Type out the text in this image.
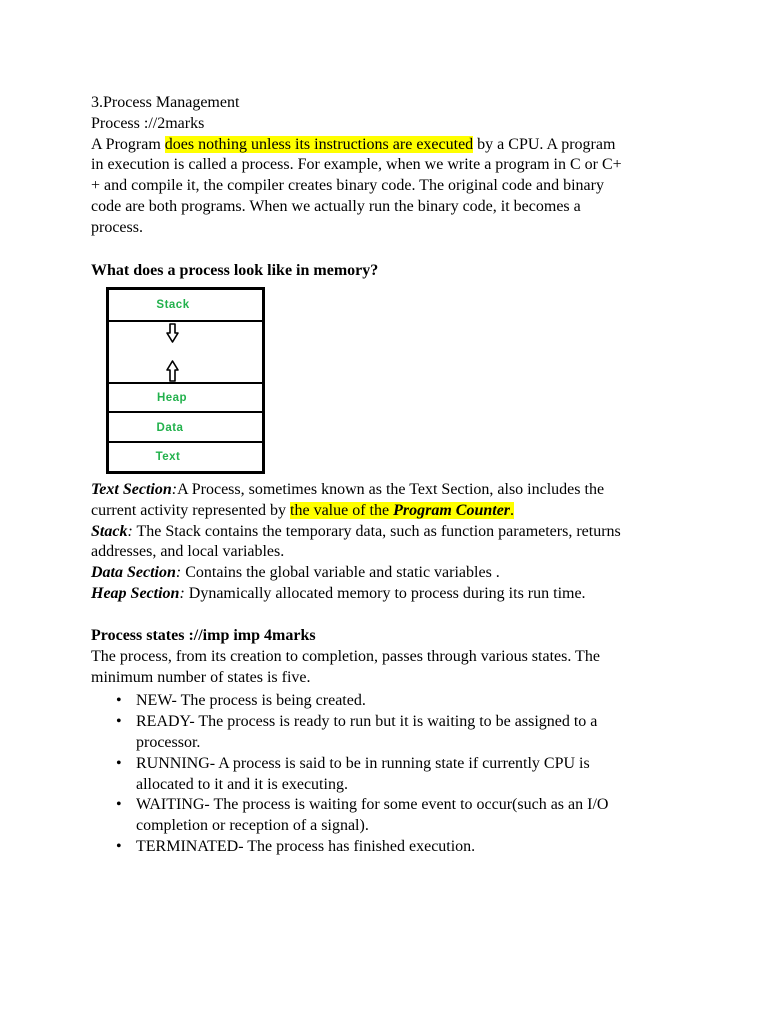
3.Process Management

Process ://2marks

A Program does nothing unless its instructions are executed by a CPU. A program

in execution is called a process. For example, when we write a program in C or C+

+ and compile it, the compiler creates binary code. The original code and binary

code are both programs. When we actually run the binary code, it becomes a

process.

What does a process look like in memory?
Stack
Heap
Data
Text

Text Section:A Process, sometimes known as the Text Section, also includes the

current activity represented by the value of the Program Counter.

Stack: The Stack contains the temporary data, such as function parameters, returns

addresses, and local variables.

Data Section: Contains the global variable and static variables .

Heap Section: Dynamically allocated memory to process during its run time.

Process states ://imp imp 4marks

The process, from its creation to completion, passes through various states. The

minimum number of states is five.

• NEW- The process is being created.
• READY- The process is ready to run but it is waiting to be assigned to a
processor.
• RUNNING- A process is said to be in running state if currently CPU is
allocated to it and it is executing.
• WAITING- The process is waiting for some event to occur(such as an I/O
completion or reception of a signal).
• TERMINATED- The process has finished execution.
